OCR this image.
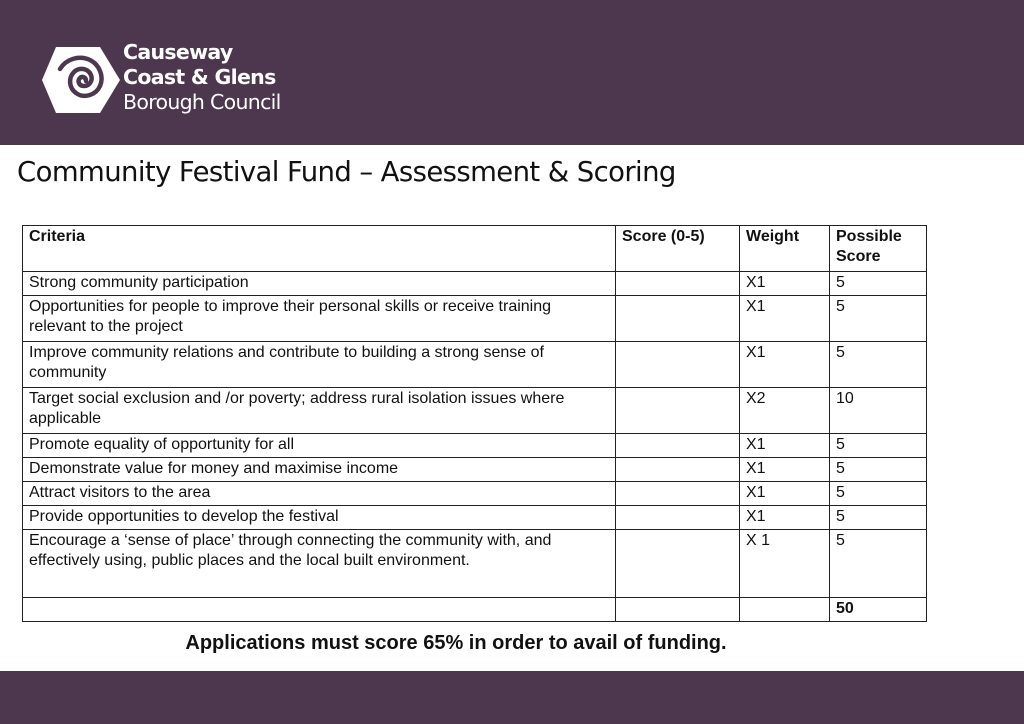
Causeway
Coast & Glens
Borough Council
Community Festival Fund – Assessment & Scoring
Criteria	Score (0-5)	Weight	Possible Score
Strong community participation		X1	5
Opportunities for people to improve their personal skills or receive training relevant to the project		X1	5
Improve community relations and contribute to building a strong sense of community		X1	5
Target social exclusion and /or poverty; address rural isolation issues where applicable		X2	10
Promote equality of opportunity for all		X1	5
Demonstrate value for money and maximise income		X1	5
Attract visitors to the area		X1	5
Provide opportunities to develop the festival		X1	5
Encourage a ‘sense of place’ through connecting the community with, and effectively using, public places and the local built environment.		X 1	5
			50
Applications must score 65% in order to avail of funding.
